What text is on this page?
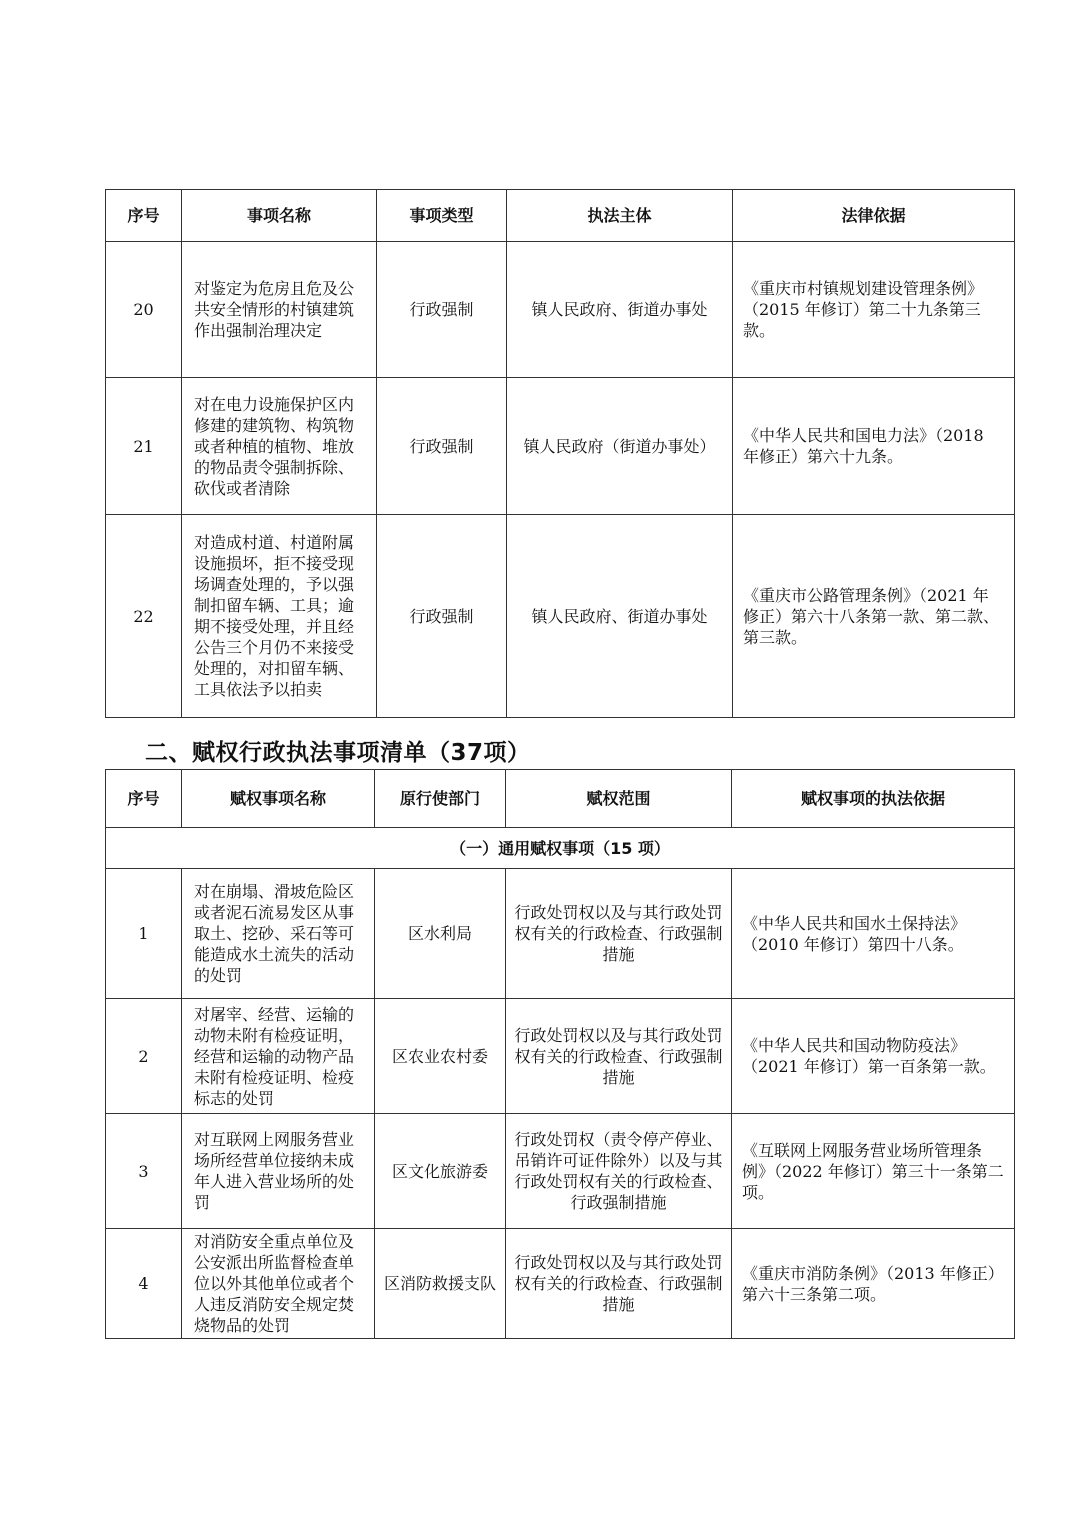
序号	事项名称	事项类型	执法主体	法律依据
20	对鉴定为危房且危及公共安全情形的村镇建筑作出强制治理决定	行政强制	镇人民政府、街道办事处	《重庆市村镇规划建设管理条例》（2015 年修订）第二十九条第三款。
21	对在电力设施保护区内修建的建筑物、构筑物或者种植的植物、堆放的物品责令强制拆除、砍伐或者清除	行政强制	镇人民政府（街道办事处）	《中华人民共和国电力法》（2018 年修正）第六十九条。
22	对造成村道、村道附属设施损坏，拒不接受现场调查处理的，予以强制扣留车辆、工具；逾期不接受处理，并且经公告三个月仍不来接受处理的，对扣留车辆、工具依法予以拍卖	行政强制	镇人民政府、街道办事处	《重庆市公路管理条例》（2021 年修正）第六十八条第一款、第二款、第三款。
二、赋权行政执法事项清单（37项）
序号	赋权事项名称	原行使部门	赋权范围	赋权事项的执法依据
（一）通用赋权事项（15 项）				
1	对在崩塌、滑坡危险区或者泥石流易发区从事取土、挖砂、采石等可能造成水土流失的活动的处罚	区水利局	行政处罚权以及与其行政处罚权有关的行政检查、行政强制措施	《中华人民共和国水土保持法》（2010 年修订）第四十八条。
2	对屠宰、经营、运输的动物未附有检疫证明，经营和运输的动物产品未附有检疫证明、检疫标志的处罚	区农业农村委	行政处罚权以及与其行政处罚权有关的行政检查、行政强制措施	《中华人民共和国动物防疫法》（2021 年修订）第一百条第一款。
3	对互联网上网服务营业场所经营单位接纳未成年人进入营业场所的处罚	区文化旅游委	行政处罚权（责令停产停业、吊销许可证件除外）以及与其行政处罚权有关的行政检查、行政强制措施	《互联网上网服务营业场所管理条例》（2022 年修订）第三十一条第二项。
4	对消防安全重点单位及公安派出所监督检查单位以外其他单位或者个人违反消防安全规定焚烧物品的处罚	区消防救援支队	行政处罚权以及与其行政处罚权有关的行政检查、行政强制措施	《重庆市消防条例》（2013 年修正）第六十三条第二项。
